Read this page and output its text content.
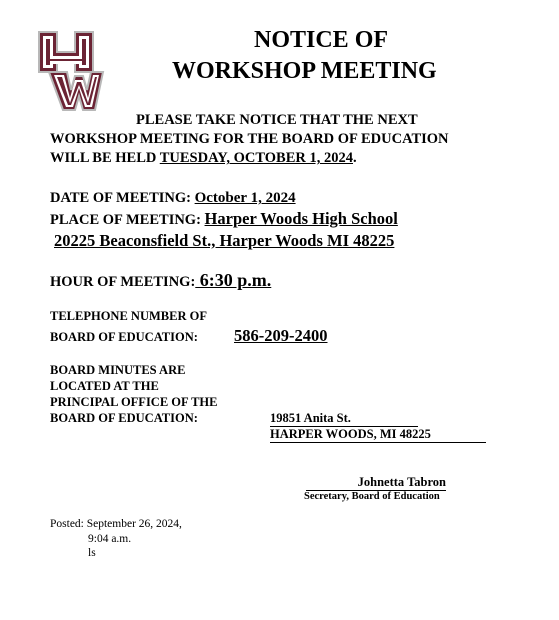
NOTICE OF
WORKSHOP MEETING
PLEASE TAKE NOTICE THAT THE NEXT
WORKSHOP MEETING FOR THE BOARD OF EDUCATION
WILL BE HELD TUESDAY, OCTOBER 1, 2024.
DATE OF MEETING: October 1, 2024
PLACE OF MEETING: Harper Woods High School
20225 Beaconsfield St., Harper Woods MI 48225
HOUR OF MEETING: 6:30 p.m.
TELEPHONE NUMBER OF
BOARD OF EDUCATION: 586-209-2400
BOARD MINUTES ARE
LOCATED AT THE
PRINCIPAL OFFICE OF THE
BOARD OF EDUCATION:	19851 Anita St.
HARPER WOODS, MI 48225
Johnetta Tabron
Secretary, Board of Education
Posted: September 26, 2024,
9:04 a.m.
ls
